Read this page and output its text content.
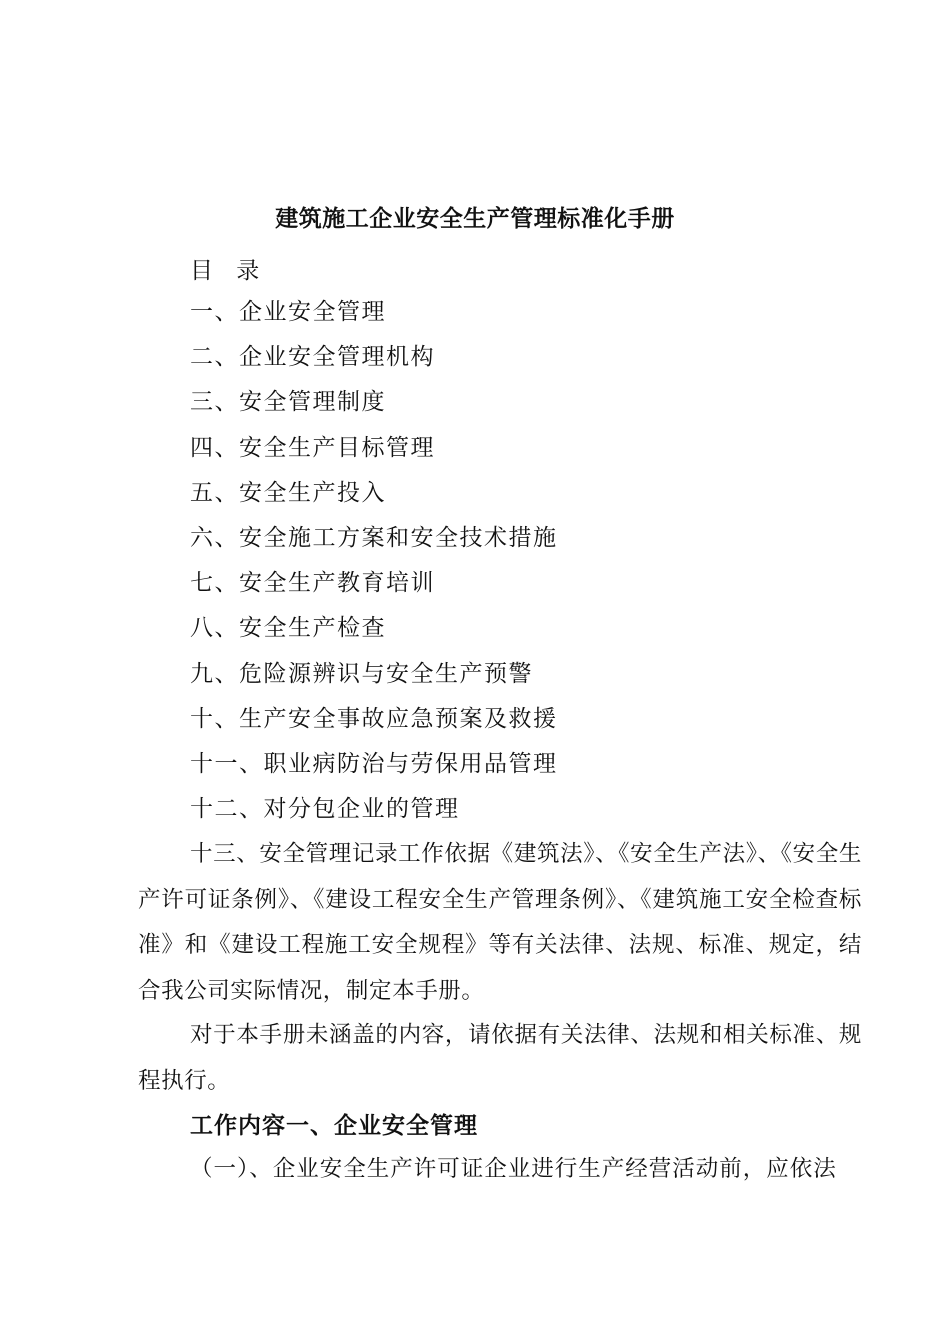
建筑施工企业安全生产管理标准化手册
目 录
一、企业安全管理
二、企业安全管理机构
三、安全管理制度
四、安全生产目标管理
五、安全生产投入
六、安全施工方案和安全技术措施
七、安全生产教育培训
八、安全生产检查
九、危险源辨识与安全生产预警
十、生产安全事故应急预案及救援
十一、职业病防治与劳保用品管理
十二、对分包企业的管理

十三、安全管理记录工作依据《建筑法》、《安全生产法》、《安全生产许可证条例》、《建设工程安全生产管理条例》、《建筑施工安全检查标准》和《建设工程施工安全规程》等有关法律、法规、标准、规定，结合我公司实际情况，制定本手册。

对于本手册未涵盖的内容，请依据有关法律、法规和相关标准、规程执行。

工作内容一、企业安全管理
（一）、企业安全生产许可证企业进行生产经营活动前，应依法
